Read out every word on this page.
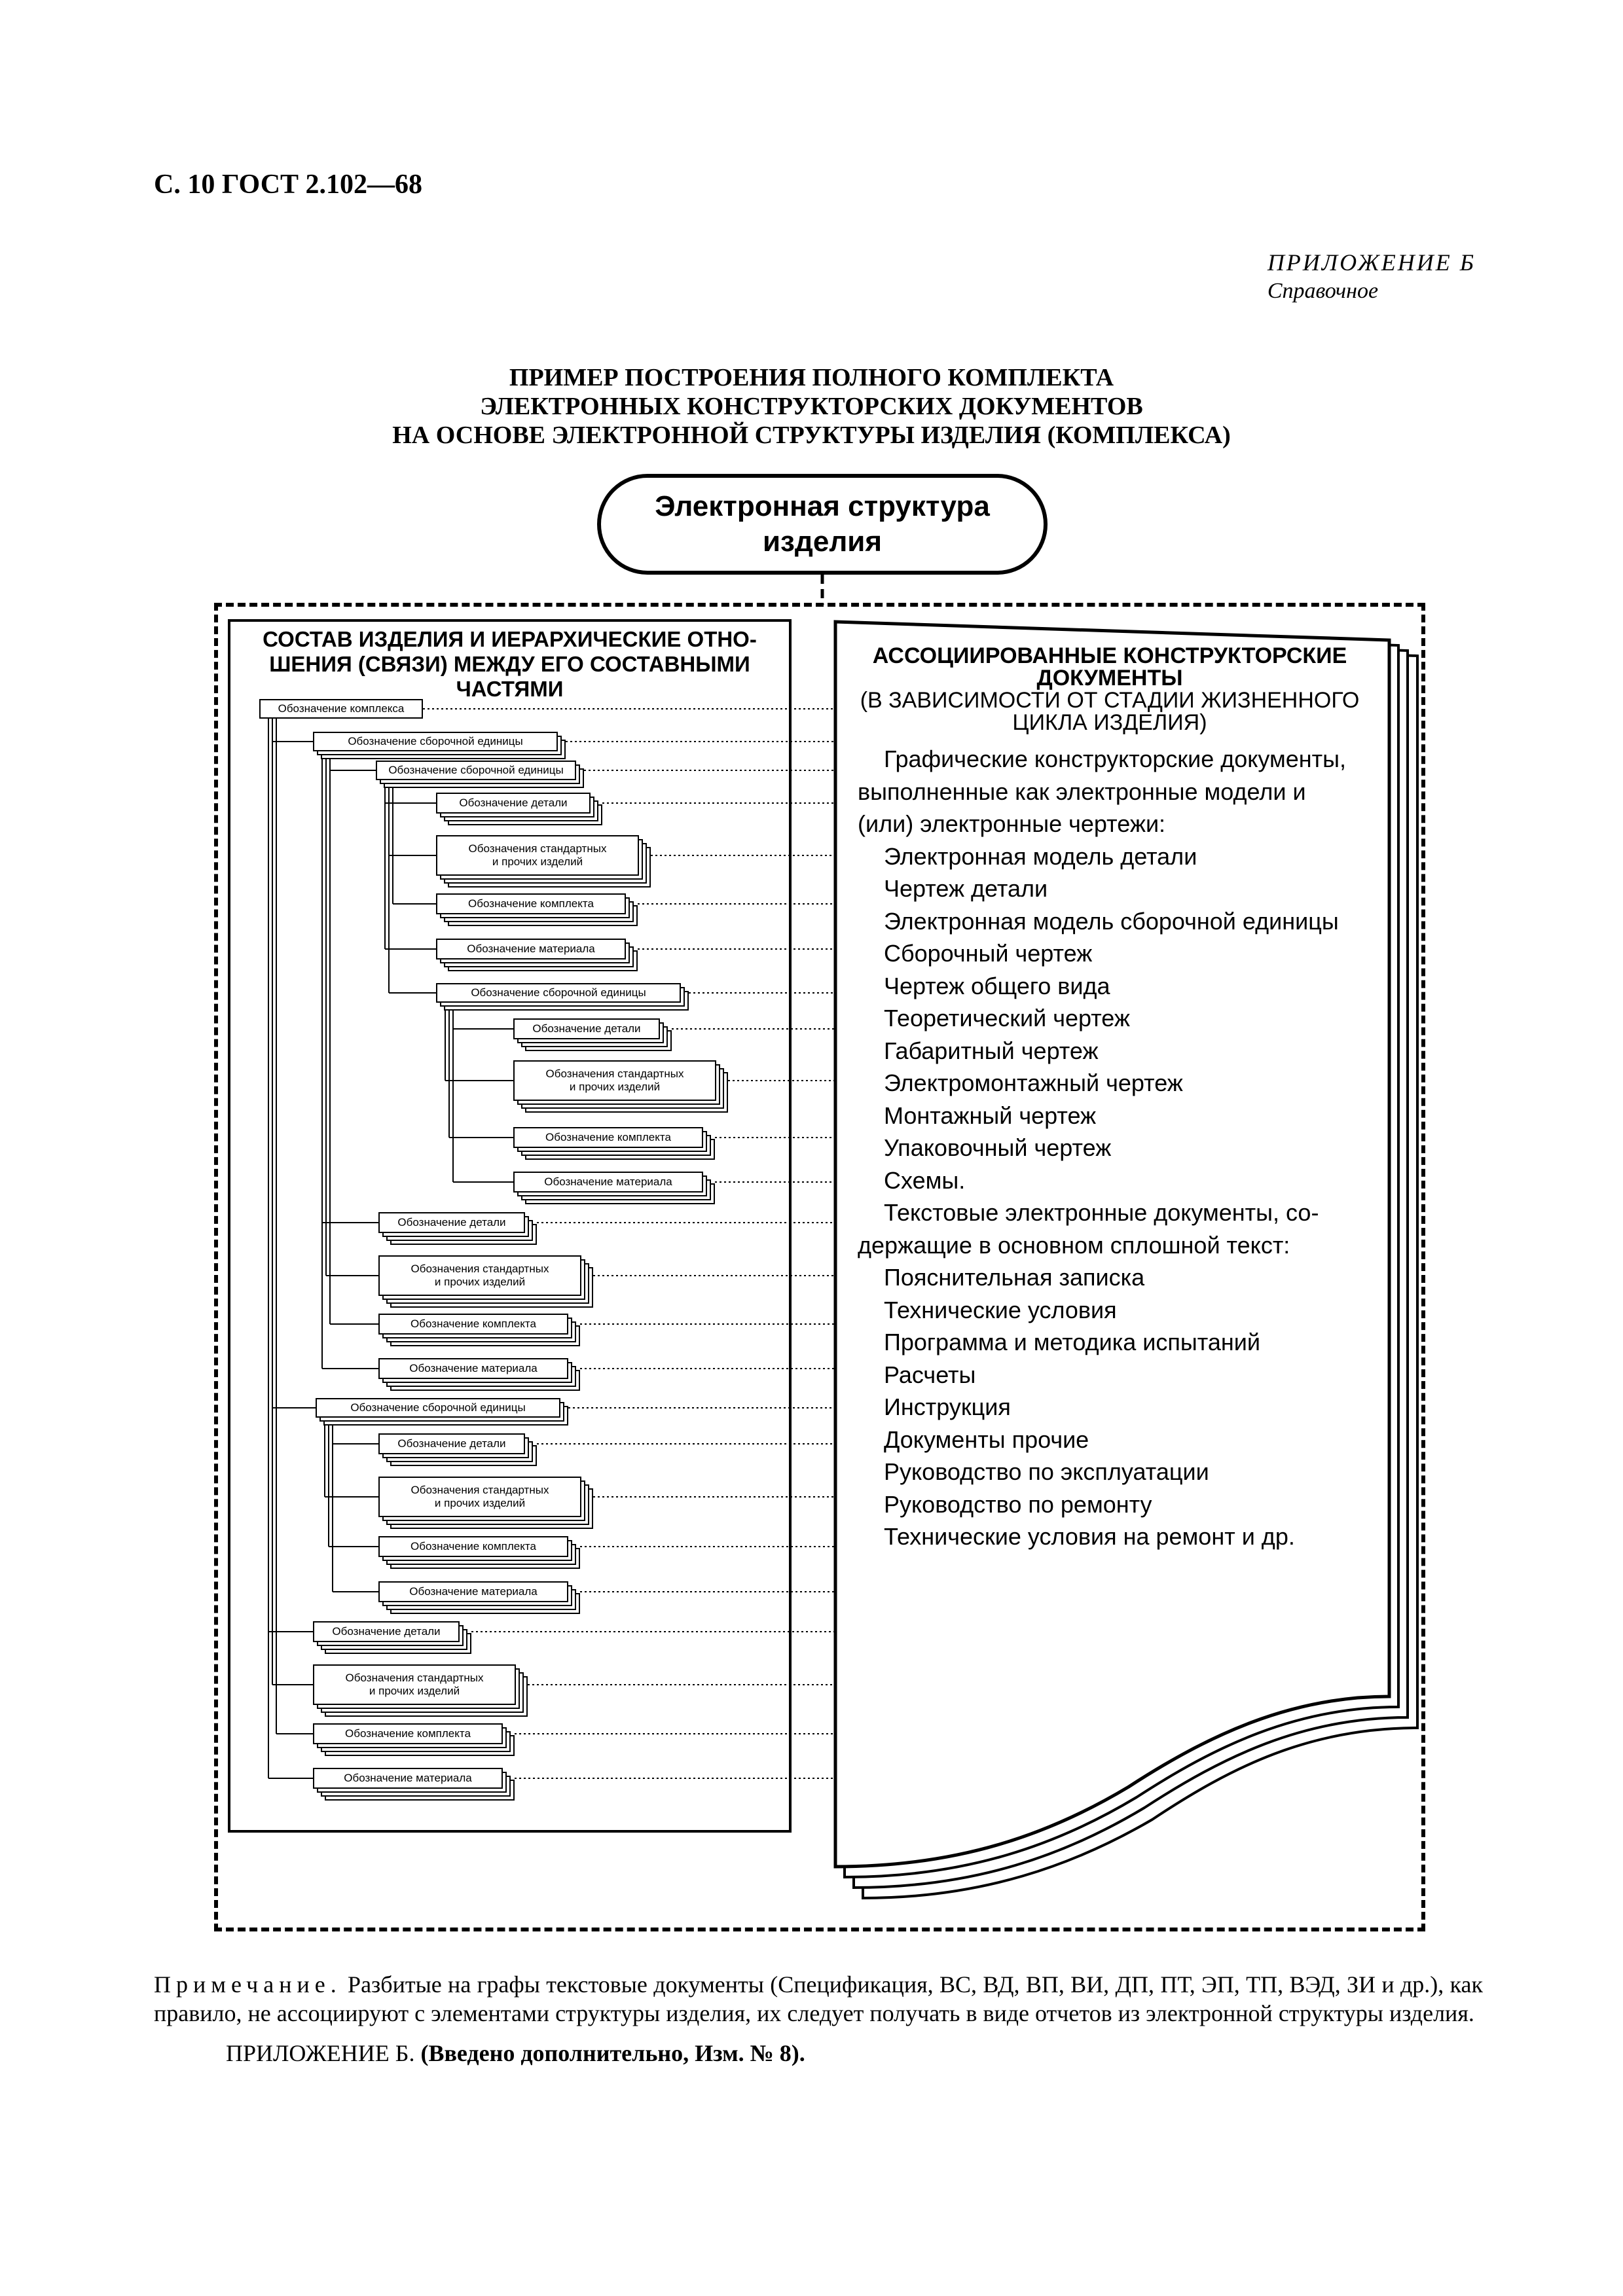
С. 10 ГОСТ 2.102—68
ПРИЛОЖЕНИЕ Б
Справочное
ПРИМЕР ПОСТРОЕНИЯ ПОЛНОГО КОМПЛЕКТА
ЭЛЕКТРОННЫХ КОНСТРУКТОРСКИХ ДОКУМЕНТОВ
НА ОСНОВЕ ЭЛЕКТРОННОЙ СТРУКТУРЫ ИЗДЕЛИЯ (КОМПЛЕКСА)
Электронная структура
изделия
СОСТАВ ИЗДЕЛИЯ И ИЕРАРХИЧЕСКИЕ ОТНО-
ШЕНИЯ (СВЯЗИ) МЕЖДУ ЕГО СОСТАВНЫМИ
ЧАСТЯМИ
Обозначение комплекса
Обозначение сборочной единицы
Обозначение сборочной единицы
Обозначение детали
Обозначения стандартных
и прочих изделий
Обозначение комплекта
Обозначение материала
Обозначение сборочной единицы
Обозначение детали
Обозначения стандартных
и прочих изделий
Обозначение комплекта
Обозначение материала
Обозначение детали
Обозначения стандартных
и прочих изделий
Обозначение комплекта
Обозначение материала
Обозначение сборочной единицы
Обозначение детали
Обозначения стандартных
и прочих изделий
Обозначение комплекта
Обозначение материала
Обозначение детали
Обозначения стандартных
и прочих изделий
Обозначение комплекта
Обозначение материала
АССОЦИИРОВАННЫЕ КОНСТРУКТОРСКИЕ
ДОКУМЕНТЫ
(В ЗАВИСИМОСТИ ОТ СТАДИИ ЖИЗНЕННОГО
ЦИКЛА ИЗДЕЛИЯ)
Графические конструкторские документы,
выполненные как электронные модели и
(или) электронные чертежи:
Электронная модель детали
Чертеж детали
Электронная модель сборочной единицы
Сборочный чертеж
Чертеж общего вида
Теоретический чертеж
Габаритный чертеж
Электромонтажный чертеж
Монтажный чертеж
Упаковочный чертеж
Схемы.
Текстовые электронные документы, со-
держащие в основном сплошной текст:
Пояснительная записка
Технические условия
Программа и методика испытаний
Расчеты
Инструкция
Документы прочие
Руководство по эксплуатации
Руководство по ремонту
Технические условия на ремонт и др.
Примечание. Разбитые на графы текстовые документы (Спецификация, ВС, ВД, ВП, ВИ, ДП, ПТ, ЭП, ТП, ВЭД, ЗИ и др.), как правило, не ассоциируют с элементами структуры изделия, их следует получать в виде отчетов из электронной структуры изделия.
ПРИЛОЖЕНИЕ Б. (Введено дополнительно, Изм. № 8).
